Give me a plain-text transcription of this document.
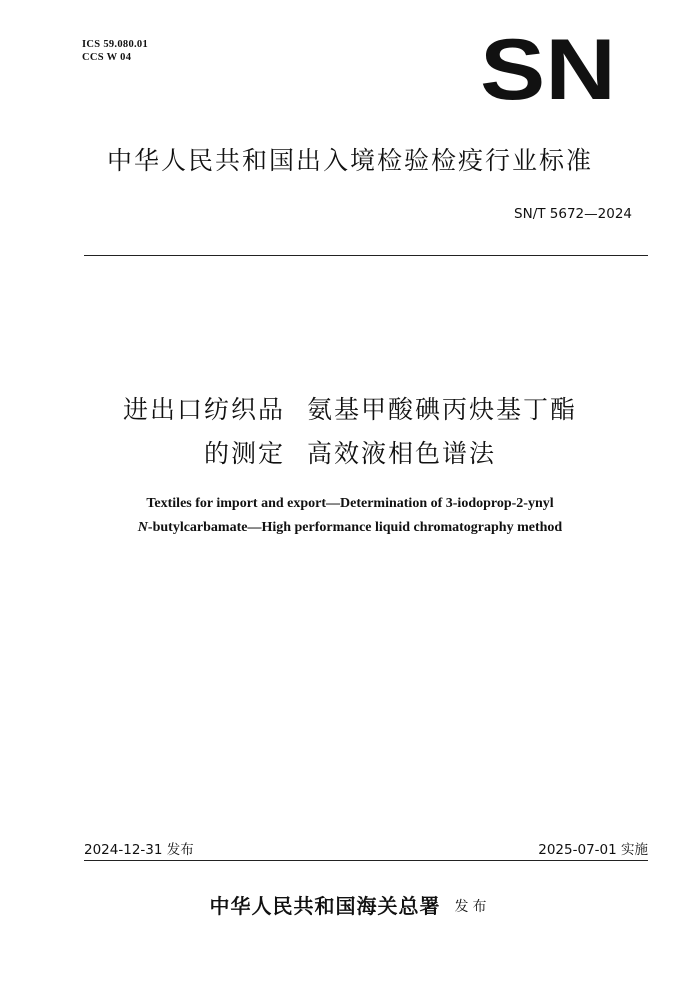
ICS 59.080.01
CCS W 04	SN
中华人民共和国出入境检验检疫行业标准
SN/T 5672—2024
进出口纺织品 氨基甲酸碘丙炔基丁酯
的测定 高效液相色谱法
Textiles for import and export—Determination of 3-iodoprop-2-ynyl
N-butylcarbamate—High performance liquid chromatography method
2024-12-31 发布	2025-07-01 实施
中华人民共和国海关总署 发布
